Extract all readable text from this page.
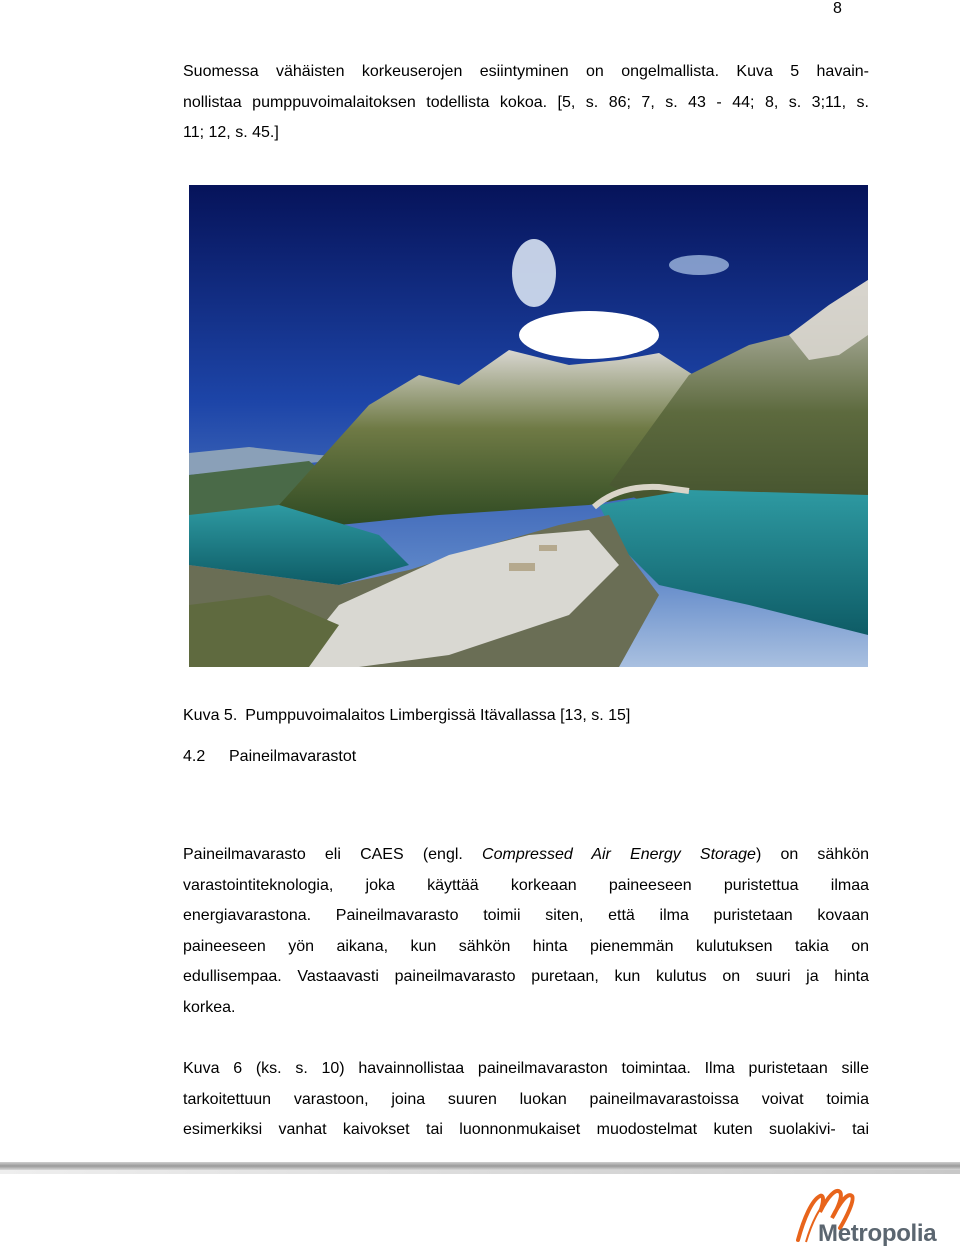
8
Suomessa vähäisten korkeuserojen esiintyminen on ongelmallista. Kuva 5 havain-
nollistaa pumppuvoimalaitoksen todellista kokoa. [5, s. 86; 7, s. 43 - 44; 8, s. 3;11, s.
11; 12, s. 45.]
Kuva 5. Pumppuvoimalaitos Limbergissä Itävallassa [13, s. 15]
4.2 Paineilmavarastot
Paineilmavarasto eli CAES (engl. Compressed Air Energy Storage) on sähkön
varastointiteknologia, joka käyttää korkeaan paineeseen puristettua ilmaa
energiavarastona. Paineilmavarasto toimii siten, että ilma puristetaan kovaan
paineeseen yön aikana, kun sähkön hinta pienemmän kulutuksen takia on
edullisempaa. Vastaavasti paineilmavarasto puretaan, kun kulutus on suuri ja hinta
korkea.
Kuva 6 (ks. s. 10) havainnollistaa paineilmavaraston toimintaa. Ilma puristetaan sille
tarkoitettuun varastoon, joina suuren luokan paineilmavarastoissa voivat toimia
esimerkiksi vanhat kaivokset tai luonnonmukaiset muodostelmat kuten suolakivi- tai
Metropolia
